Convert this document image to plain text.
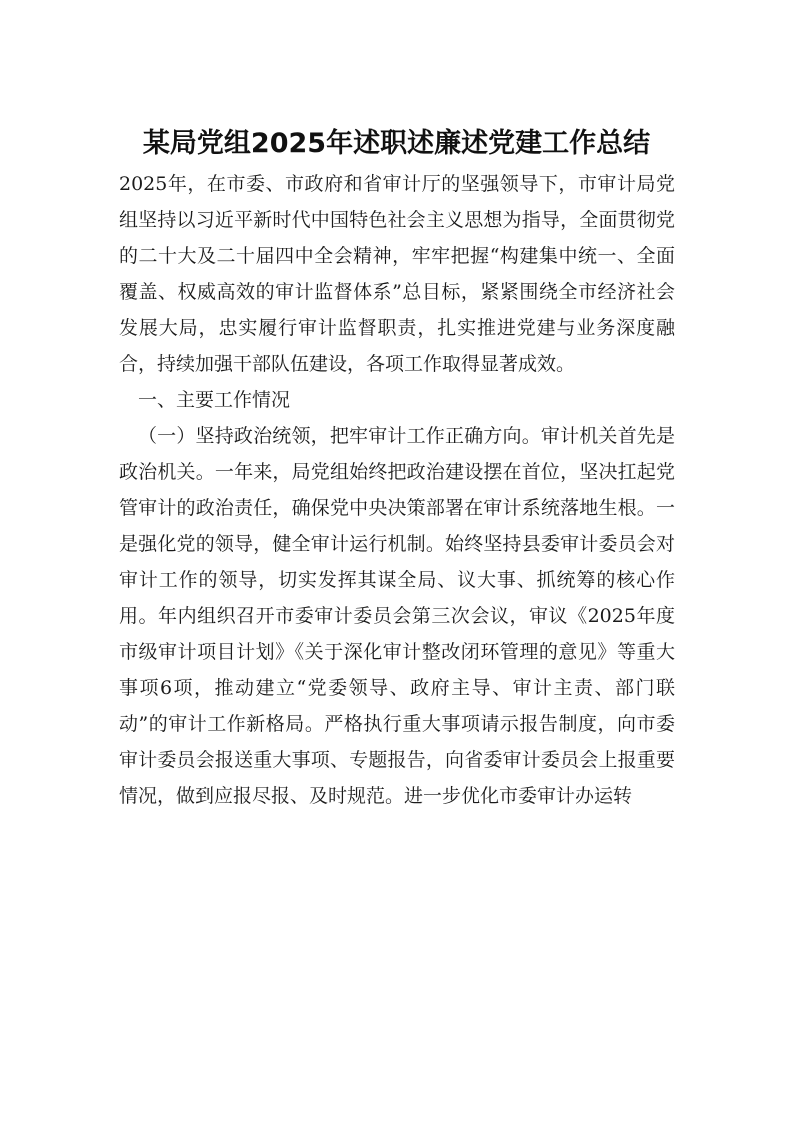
某局党组2025年述职述廉述党建工作总结

2025年，在市委、市政府和省审计厅的坚强领导下，市审计局党组坚持以习近平新时代中国特色社会主义思想为指导，全面贯彻党的二十大及二十届四中全会精神，牢牢把握“构建集中统一、全面覆盖、权威高效的审计监督体系”总目标，紧紧围绕全市经济社会发展大局，忠实履行审计监督职责，扎实推进党建与业务深度融合，持续加强干部队伍建设，各项工作取得显著成效。

一、主要工作情况

（一）坚持政治统领，把牢审计工作正确方向。审计机关首先是政治机关。一年来，局党组始终把政治建设摆在首位，坚决扛起党管审计的政治责任，确保党中央决策部署在审计系统落地生根。一是强化党的领导，健全审计运行机制。始终坚持县委审计委员会对审计工作的领导，切实发挥其谋全局、议大事、抓统筹的核心作用。年内组织召开市委审计委员会第三次会议，审议《2025年度市级审计项目计划》《关于深化审计整改闭环管理的意见》等重大事项6项，推动建立“党委领导、政府主导、审计主责、部门联动”的审计工作新格局。严格执行重大事项请示报告制度，向市委审计委员会报送重大事项、专题报告，向省委审计委员会上报重要情况，做到应报尽报、及时规范。进一步优化市委审计办运转
